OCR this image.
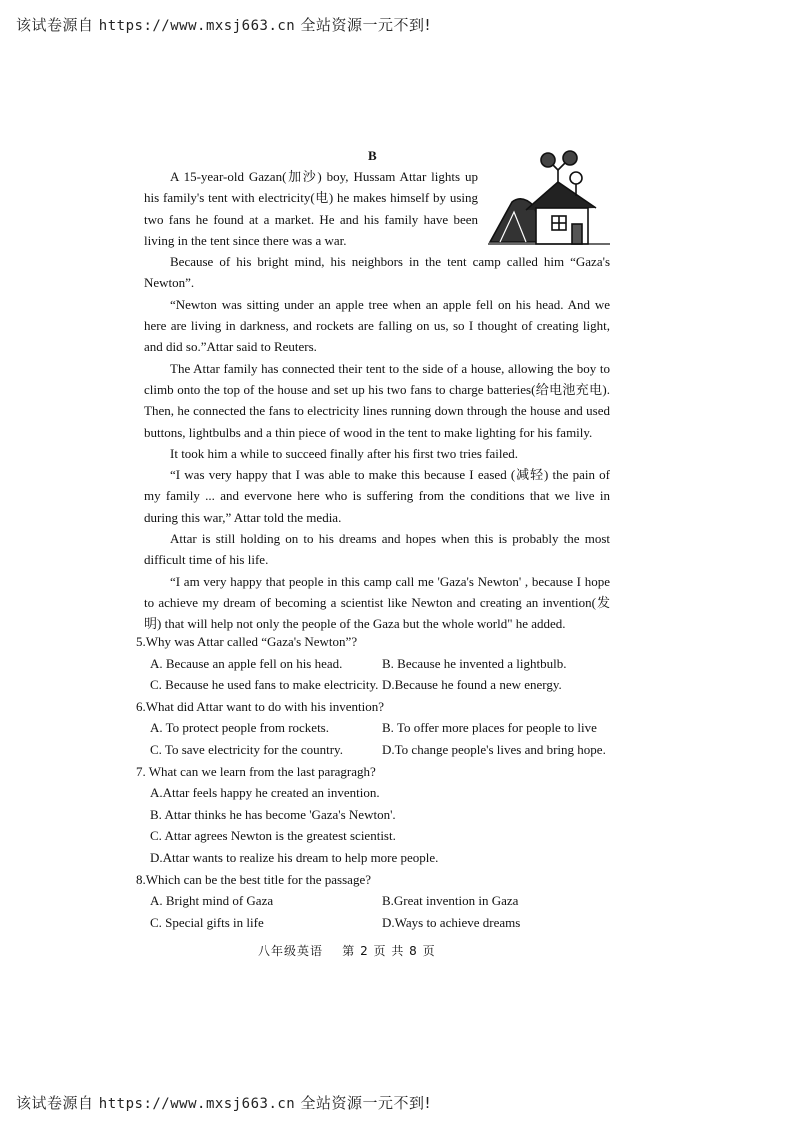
该试卷源自 https://www.mxsj663.cn 全站资源一元不到!
B

A 15-year-old Gazan(加沙) boy, Hussam Attar lights up his family's tent with electricity(电) he makes himself by using two fans he found at a market. He and his family have been living in the tent since there was a war.

Because of his bright mind, his neighbors in the tent camp called him “Gaza's Newton”.

“Newton was sitting under an apple tree when an apple fell on his head. And we here are living in darkness, and rockets are falling on us, so I thought of creating light, and did so.”Attar said to Reuters.

The Attar family has connected their tent to the side of a house, allowing the boy to climb onto the top of the house and set up his two fans to charge batteries(给电池充电). Then, he connected the fans to electricity lines running down through the house and used buttons, lightbulbs and a thin piece of wood in the tent to make lighting for his family.

It took him a while to succeed finally after his first two tries failed.

“I was very happy that I was able to make this because I eased (减轻) the pain of my family ... and evervone here who is suffering from the conditions that we live in during this war,” Attar told the media.

Attar is still holding on to his dreams and hopes when this is probably the most difficult time of his life.

“I am very happy that people in this camp call me 'Gaza's Newton' , because I hope to achieve my dream of becoming a scientist like Newton and creating an invention(发明) that will help not only the people of the Gaza but the whole world" he added.

5.Why was Attar called “Gaza's Newton”?

A. Because an apple fell on his head.	B. Because he invented a lightbulb.
C. Because he used fans to make electricity. D.Because he found a new energy.

6.What did Attar want to do with his invention?

A. To protect people from rockets.	B. To offer more places for people to live
C. To save electricity for the country.	D.To change people's lives and bring hope.

7. What can we learn from the last paragragh?

A.Attar feels happy he created an invention.
B. Attar thinks he has become 'Gaza's Newton'.
C. Attar agrees Newton is the greatest scientist.
D.Attar wants to realize his dream to help more people.

8.Which can be the best title for the passage?

A. Bright mind of Gaza	B.Great invention in Gaza
C. Special gifts in life	D.Ways to achieve dreams
八年级英语    第 2 页 共 8 页
该试卷源自 https://www.mxsj663.cn 全站资源一元不到!
